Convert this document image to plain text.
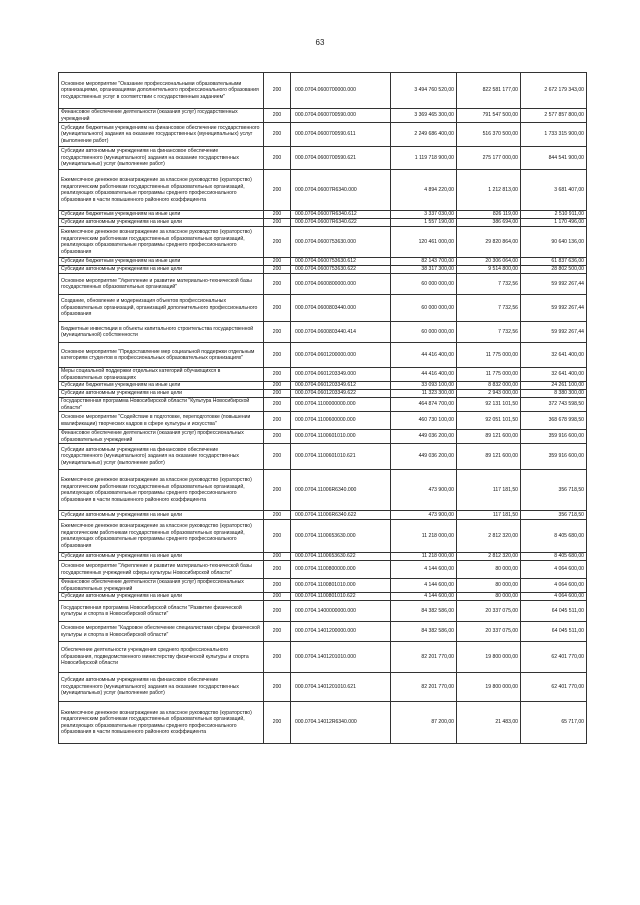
63
Основное мероприятие "Оказание профессиональными образовательными организациями, организациями дополнительного профессионального образования государственных услуг в соответствии с государственным заданием"	200	000.0704.0600700000.000	3 494 760 520,00	822 581 177,00	2 672 179 343,00
Финансовое обеспечение деятельности (оказания услуг) государственных учреждений	200	000.0704.0600700590.000	3 369 465 300,00	791 547 500,00	2 577 857 800,00
Субсидии бюджетным учреждениям на финансовое обеспечение государственного (муниципального) задания на оказание государственных (муниципальных) услуг (выполнение работ)	200	000.0704.0600700590.611	2 249 686 400,00	516 370 500,00	1 733 315 900,00
Субсидии автономным учреждениям на финансовое обеспечение государственного (муниципального) задания на оказание государственных (муниципальных) услуг (выполнение работ)	200	000.0704.0600700590.621	1 119 718 900,00	275 177 000,00	844 541 900,00
Ежемесячное денежное вознаграждение за классное руководство (кураторство) педагогическим работникам государственных образовательных организаций, реализующих образовательные программы среднего профессионального образования в части повышенного районного коэффициента	200	000.0704.06007R6340.000	4 894 220,00	1 212 813,00	3 681 407,00
Субсидии бюджетным учреждениям на иные цели	200	000.0704.06007R6340.612	3 337 030,00	826 119,00	2 510 911,00
Субсидии автономным учреждениям на иные цели	200	000.0704.06007R6340.622	1 557 190,00	386 694,00	1 170 496,00
Ежемесячное денежное вознаграждение за классное руководство (кураторство) педагогическим работникам государственных образовательных организаций, реализующих образовательные программы среднего профессионального образования	200	000.0704.0600753630.000	120 461 000,00	29 820 864,00	90 640 136,00
Субсидии бюджетным учреждениям на иные цели	200	000.0704.0600753630.612	82 143 700,00	20 306 064,00	61 837 636,00
Субсидии автономным учреждениям на иные цели	200	000.0704.0600753630.622	38 317 300,00	9 514 800,00	28 802 500,00
Основное мероприятие "Укрепление и развитие материально-технической базы государственных образовательных организаций"	200	000.0704.0600800000.000	60 000 000,00	7 732,56	59 992 267,44
Создание, обновление и модернизация объектов профессиональных образовательных организаций, организаций дополнительного профессионального образования	200	000.0704.0600803440.000	60 000 000,00	7 732,56	59 992 267,44
Бюджетные инвестиции в объекты капитального строительства государственной (муниципальной) собственности	200	000.0704.0600803440.414	60 000 000,00	7 732,56	59 992 267,44
Основное мероприятие "Предоставление мер социальной поддержки отдельным категориям студентов в профессиональных образовательных организациях"	200	000.0704.0601200000.000	44 416 400,00	11 775 000,00	32 641 400,00
Меры социальной поддержки отдельных категорий обучающихся в образовательных организациях	200	000.0704.0601203349.000	44 416 400,00	11 775 000,00	32 641 400,00
Субсидии бюджетным учреждениям на иные цели	200	000.0704.0601203349.612	33 093 100,00	8 832 000,00	24 261 100,00
Субсидии автономным учреждениям на иные цели	200	000.0704.0601203349.622	11 323 300,00	2 943 000,00	8 380 300,00
Государственная программа Новосибирской области "Культура Новосибирской области"	200	000.0704.1100000000.000	464 874 700,00	92 131 101,50	372 743 598,50
Основное мероприятие "Содействие в подготовке, переподготовке (повышении квалификации) творческих кадров в сфере культуры и искусства"	200	000.0704.1100600000.000	460 730 100,00	92 051 101,50	368 678 998,50
Финансовое обеспечение деятельности (оказания услуг) профессиональных образовательных учреждений	200	000.0704.1100601010.000	449 036 200,00	89 121 600,00	359 916 600,00
Субсидии автономным учреждениям на финансовое обеспечение государственного (муниципального) задания на оказание государственных (муниципальных) услуг (выполнение работ)	200	000.0704.1100601010.621	449 036 200,00	89 121 600,00	359 916 600,00
Ежемесячное денежное вознаграждение за классное руководство (кураторство) педагогическим работникам государственных образовательных организаций, реализующих образовательные программы среднего профессионального образования в части повышенного районного коэффициента	200	000.0704.11006R6340.000	473 900,00	117 181,50	356 718,50
Субсидии автономным учреждениям на иные цели	200	000.0704.11006R6340.622	473 900,00	117 181,50	356 718,50
Ежемесячное денежное вознаграждение за классное руководство (кураторство) педагогическим работникам государственных образовательных организаций, реализующих образовательные программы среднего профессионального образования	200	000.0704.1100653630.000	11 218 000,00	2 812 320,00	8 405 680,00
Субсидии автономным учреждениям на иные цели	200	000.0704.1100653630.622	11 218 000,00	2 812 320,00	8 405 680,00
Основное мероприятие "Укрепление и развитие материально-технической базы государственных учреждений сферы культуры Новосибирской области"	200	000.0704.1100800000.000	4 144 600,00	80 000,00	4 064 600,00
Финансовое обеспечение деятельности (оказания услуг) профессиональных образовательных учреждений	200	000.0704.1100801010.000	4 144 600,00	80 000,00	4 064 600,00
Субсидии автономным учреждениям на иные цели	200	000.0704.1100801010.622	4 144 600,00	80 000,00	4 064 600,00
Государственная программа Новосибирской области "Развитие физической культуры и спорта в Новосибирской области"	200	000.0704.1400000000.000	84 382 586,00	20 337 075,00	64 045 511,00
Основное мероприятие "Кадровое обеспечение специалистами сферы физической культуры и спорта в Новосибирской области"	200	000.0704.1401200000.000	84 382 586,00	20 337 075,00	64 045 511,00
Обеспечение деятельности учреждения среднего профессионального образования, подведомственного министерству физической культуры и спорта Новосибирской области	200	000.0704.1401201010.000	82 201 770,00	19 800 000,00	62 401 770,00
Субсидии автономным учреждениям на финансовое обеспечение государственного (муниципального) задания на оказание государственных (муниципальных) услуг (выполнение работ)	200	000.0704.1401201010.621	82 201 770,00	19 800 000,00	62 401 770,00
Ежемесячное денежное вознаграждение за классное руководство (кураторство) педагогическим работникам государственных образовательных организаций, реализующих образовательные программы среднего профессионального образования в части повышенного районного коэффициента	200	000.0704.14012R6340.000	87 200,00	21 483,00	65 717,00
